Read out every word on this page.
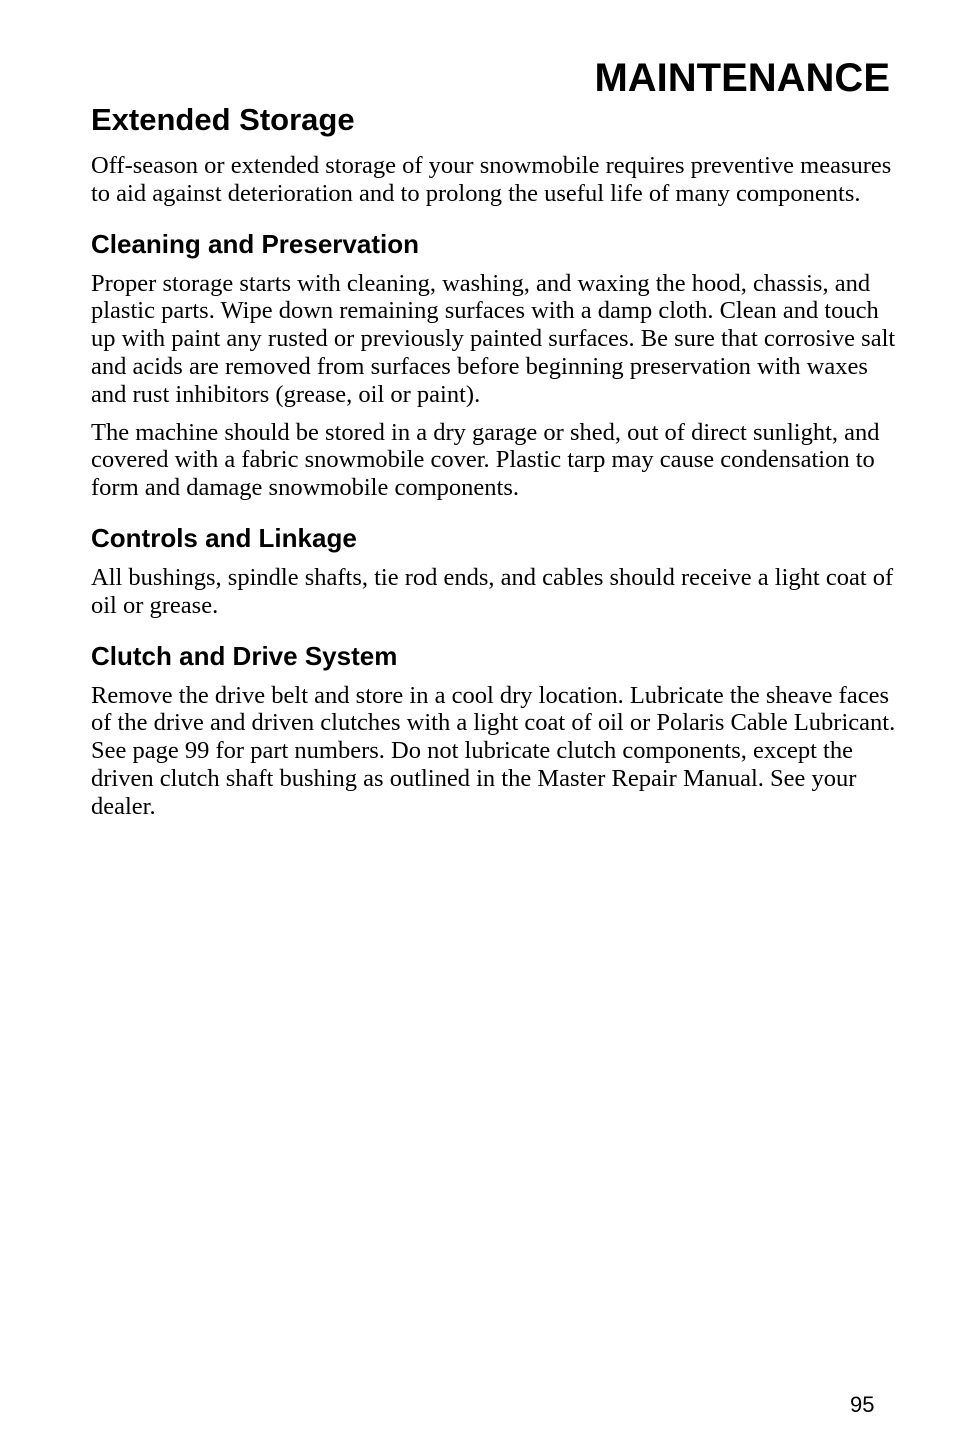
MAINTENANCE
Extended Storage

Off-season or extended storage of your snowmobile requires preventive measures to aid against deterioration and to prolong the useful life of many components.

Cleaning and Preservation

Proper storage starts with cleaning, washing, and waxing the hood, chassis, and plastic parts. Wipe down remaining surfaces with a damp cloth. Clean and touch up with paint any rusted or previously painted surfaces. Be sure that corrosive salt and acids are removed from surfaces before beginning preservation with waxes and rust inhibitors (grease, oil or paint).

The machine should be stored in a dry garage or shed, out of direct sunlight, and covered with a fabric snowmobile cover. Plastic tarp may cause condensation to form and damage snowmobile components.

Controls and Linkage

All bushings, spindle shafts, tie rod ends, and cables should receive a light coat of oil or grease.

Clutch and Drive System

Remove the drive belt and store in a cool dry location. Lubricate the sheave faces of the drive and driven clutches with a light coat of oil or Polaris Cable Lubricant. See page 99 for part numbers. Do not lubricate clutch components, except the driven clutch shaft bushing as outlined in the Master Repair Manual. See your dealer.

95
